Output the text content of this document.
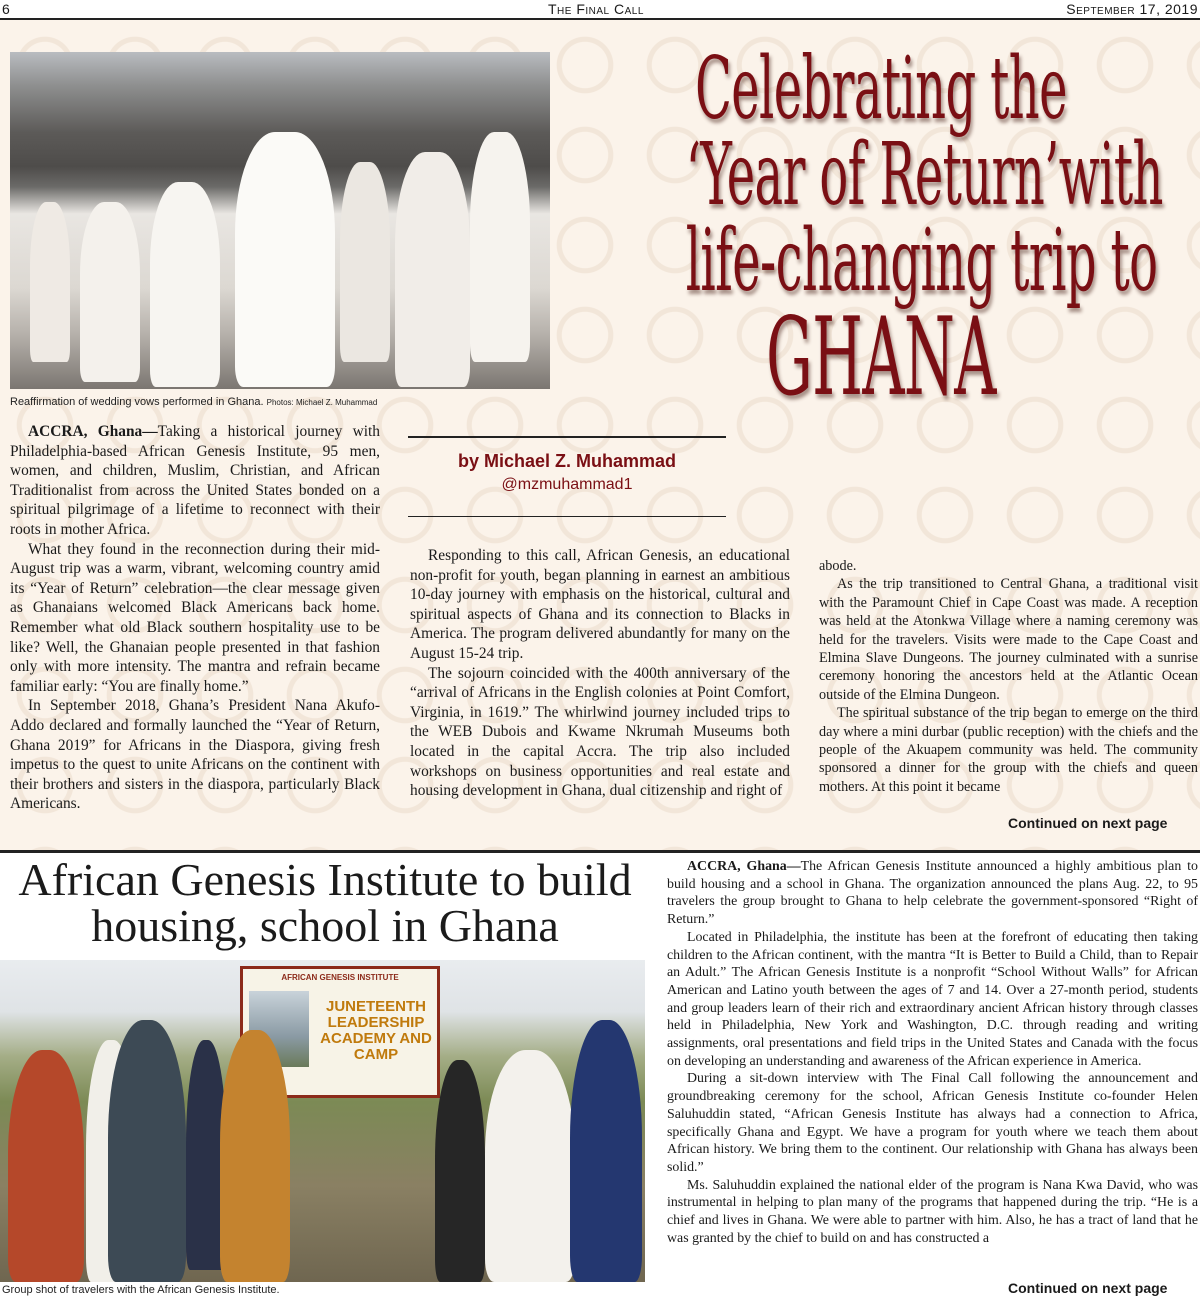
6	The Final Call	September 17, 2019
Reaffirmation of wedding vows performed in Ghana. Photos: Michael Z. Muhammad
Celebrating the
‘Year of Return’with
life-changing trip to
GHANA
by Michael Z. Muhammad
@mzmuhammad1

ACCRA, Ghana—Taking a historical journey with Philadelphia-based African Genesis Institute, 95 men, women, and children, Muslim, Christian, and African Traditionalist from across the United States bonded on a spiritual pilgrimage of a lifetime to reconnect with their roots in mother Africa.

What they found in the reconnection during their mid-August trip was a warm, vibrant, welcoming country amid its “Year of Return” celebration—the clear message given as Ghanaians welcomed Black Americans back home. Remember what old Black southern hospitality use to be like? Well, the Ghanaian people presented in that fashion only with more intensity. The mantra and refrain became familiar early: “You are finally home.”

In September 2018, Ghana’s President Nana Akufo-Addo declared and formally launched the “Year of Return, Ghana 2019” for Africans in the Diaspora, giving fresh impetus to the quest to unite Africans on the continent with their brothers and sisters in the diaspora, particularly Black Americans.

Responding to this call, African Genesis, an educational non-profit for youth, began planning in earnest an ambitious 10-day journey with emphasis on the historical, cultural and spiritual aspects of Ghana and its connection to Blacks in America. The program delivered abundantly for many on the August 15-24 trip.

The sojourn coincided with the 400th anniversary of the “arrival of Africans in the English colonies at Point Comfort, Virginia, in 1619.” The whirlwind journey included trips to the WEB Dubois and Kwame Nkrumah Museums both located in the capital Accra. The trip also included workshops on business opportunities and real estate and housing development in Ghana, dual citizenship and right of

abode.

As the trip transitioned to Central Ghana, a traditional visit with the Paramount Chief in Cape Coast was made. A reception was held at the Atonkwa Village where a naming ceremony was held for the travelers. Visits were made to the Cape Coast and Elmina Slave Dungeons. The journey culminated with a sunrise ceremony honoring the ancestors held at the Atlantic Ocean outside of the Elmina Dungeon.

The spiritual substance of the trip began to emerge on the third day where a mini durbar (public reception) with the chiefs and the people of the Akuapem community was held. The community sponsored a dinner for the group with the chiefs and queen mothers. At this point it became

Continued on next page
African Genesis Institute to build housing, school in Ghana
AFRICAN GENESIS INSTITUTE
JUNETEENTH LEADERSHIP ACADEMY AND CAMP
Group shot of travelers with the African Genesis Institute.

ACCRA, Ghana—The African Genesis Institute announced a highly ambitious plan to build housing and a school in Ghana. The organization announced the plans Aug. 22, to 95 travelers the group brought to Ghana to help celebrate the government-sponsored “Right of Return.”

Located in Philadelphia, the institute has been at the forefront of educating then taking children to the African continent, with the mantra “It is Better to Build a Child, than to Repair an Adult.” The African Genesis Institute is a nonprofit “School Without Walls” for African American and Latino youth between the ages of 7 and 14. Over a 27-month period, students and group leaders learn of their rich and extraordinary ancient African history through classes held in Philadelphia, New York and Washington, D.C. through reading and writing assignments, oral presentations and field trips in the United States and Canada with the focus on developing an understanding and awareness of the African experience in America.

During a sit-down interview with The Final Call following the announcement and groundbreaking ceremony for the school, African Genesis Institute co-founder Helen Saluhuddin stated, “African Genesis Institute has always had a connection to Africa, specifically Ghana and Egypt. We have a program for youth where we teach them about African history. We bring them to the continent. Our relationship with Ghana has always been solid.”

Ms. Saluhuddin explained the national elder of the program is Nana Kwa David, who was instrumental in helping to plan many of the programs that happened during the trip. “He is a chief and lives in Ghana. We were able to partner with him. Also, he has a tract of land that he was granted by the chief to build on and has constructed a

Continued on next page
